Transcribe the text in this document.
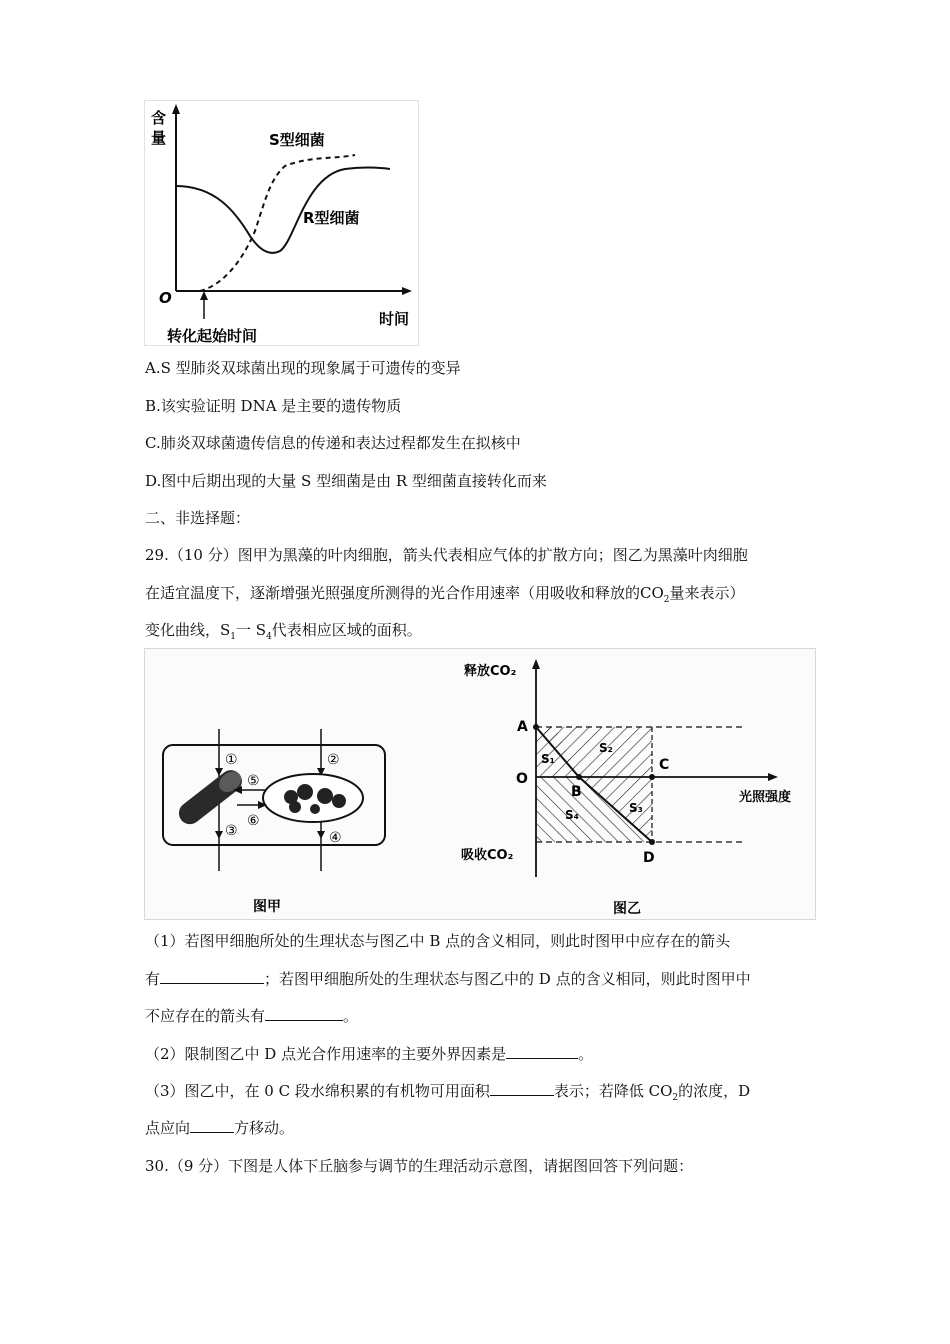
含
量
O
时间
S型细菌
R型细菌
转化起始时间
A.S 型肺炎双球菌出现的现象属于可遗传的变异
B.该实验证明 DNA 是主要的遗传物质
C.肺炎双球菌遗传信息的传递和表达过程都发生在拟核中
D.图中后期出现的大量 S 型细菌是由 R 型细菌直接转化而来
二、非选择题：
29.（10 分）图甲为黑藻的叶肉细胞，箭头代表相应气体的扩散方向；图乙为黑藻叶肉细胞
在适宜温度下，逐渐增强光照强度所测得的光合作用速率（用吸收和释放的$CO_2$量来表示）
变化曲线，$S_1$一 $S_4$代表相应区域的面积。
①	②
③	④
⑤
⑥
图甲
释放CO₂
吸收CO₂
光照强度
A
O
B
C
D
S₁
S₂
S₃
S₄
图乙
（1）若图甲细胞所处的生理状态与图乙中 B 点的含义相同，则此时图甲中应存在的箭头
有	；若图甲细胞所处的生理状态与图乙中的 D 点的含义相同，则此时图甲中
不应存在的箭头有	。
（2）限制图乙中 D 点光合作用速率的主要外界因素是	。
（3）图乙中，在 0 C 段水绵积累的有机物可用面积	表示；若降低 $CO_2$的浓度，D
点应向	方移动。
30.（9 分）下图是人体下丘脑参与调节的生理活动示意图，请据图回答下列问题：
